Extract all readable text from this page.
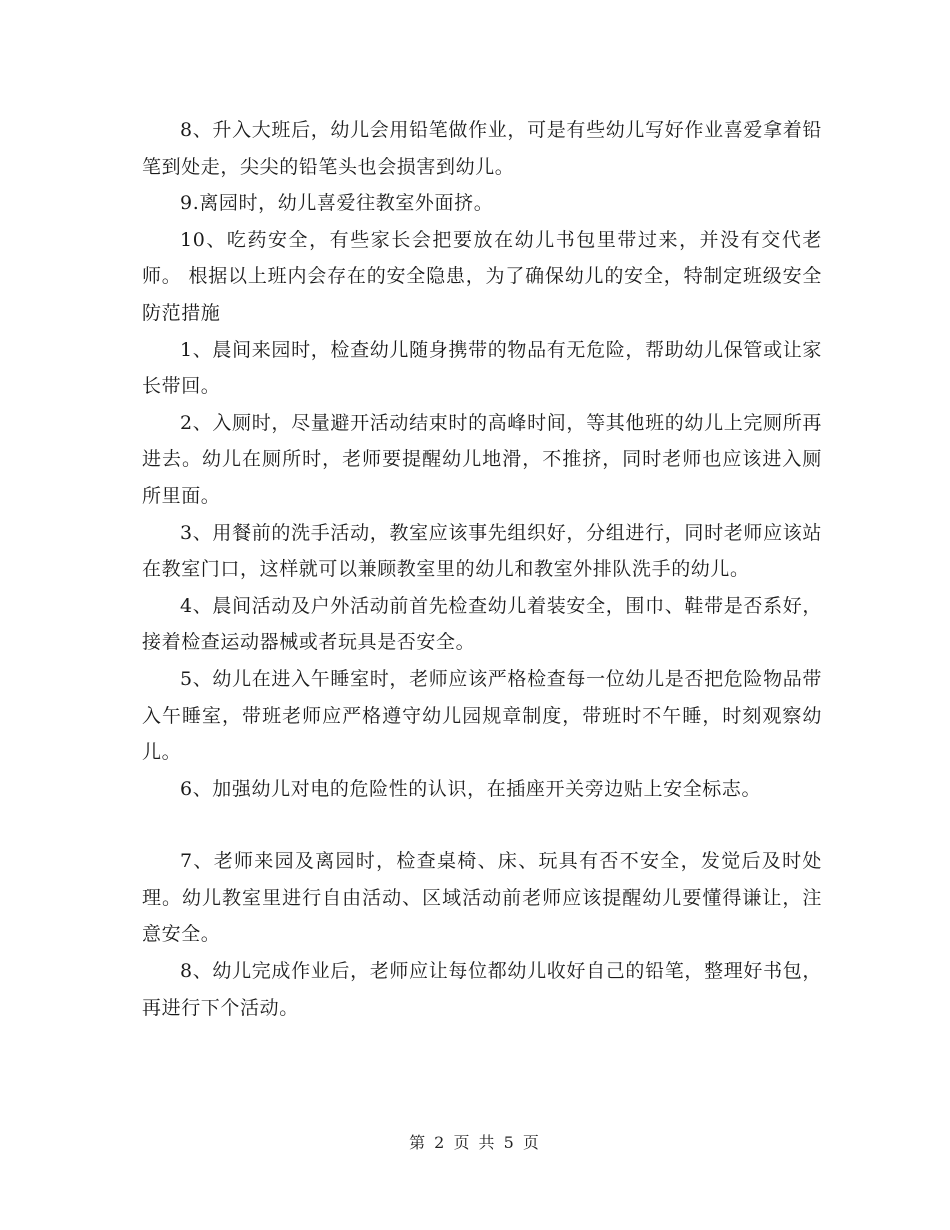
8、升入大班后，幼儿会用铅笔做作业，可是有些幼儿写好作业喜爱拿着铅笔到处走，尖尖的铅笔头也会损害到幼儿。

9.离园时，幼儿喜爱往教室外面挤。

10、吃药安全，有些家长会把要放在幼儿书包里带过来，并没有交代老师。 根据以上班内会存在的安全隐患，为了确保幼儿的安全，特制定班级安全防范措施

1、晨间来园时，检查幼儿随身携带的物品有无危险，帮助幼儿保管或让家长带回。

2、入厕时，尽量避开活动结束时的高峰时间，等其他班的幼儿上完厕所再进去。幼儿在厕所时，老师要提醒幼儿地滑，不推挤，同时老师也应该进入厕所里面。

3、用餐前的洗手活动，教室应该事先组织好，分组进行，同时老师应该站在教室门口，这样就可以兼顾教室里的幼儿和教室外排队洗手的幼儿。

4、晨间活动及户外活动前首先检查幼儿着装安全，围巾、鞋带是否系好，接着检查运动器械或者玩具是否安全。

5、幼儿在进入午睡室时，老师应该严格检查每一位幼儿是否把危险物品带入午睡室，带班老师应严格遵守幼儿园规章制度，带班时不午睡，时刻观察幼儿。

6、加强幼儿对电的危险性的认识，在插座开关旁边贴上安全标志。

7、老师来园及离园时，检查桌椅、床、玩具有否不安全，发觉后及时处理。幼儿教室里进行自由活动、区域活动前老师应该提醒幼儿要懂得谦让，注意安全。

8、幼儿完成作业后，老师应让每位都幼儿收好自己的铅笔，整理好书包，再进行下个活动。

第 2 页 共 5 页
